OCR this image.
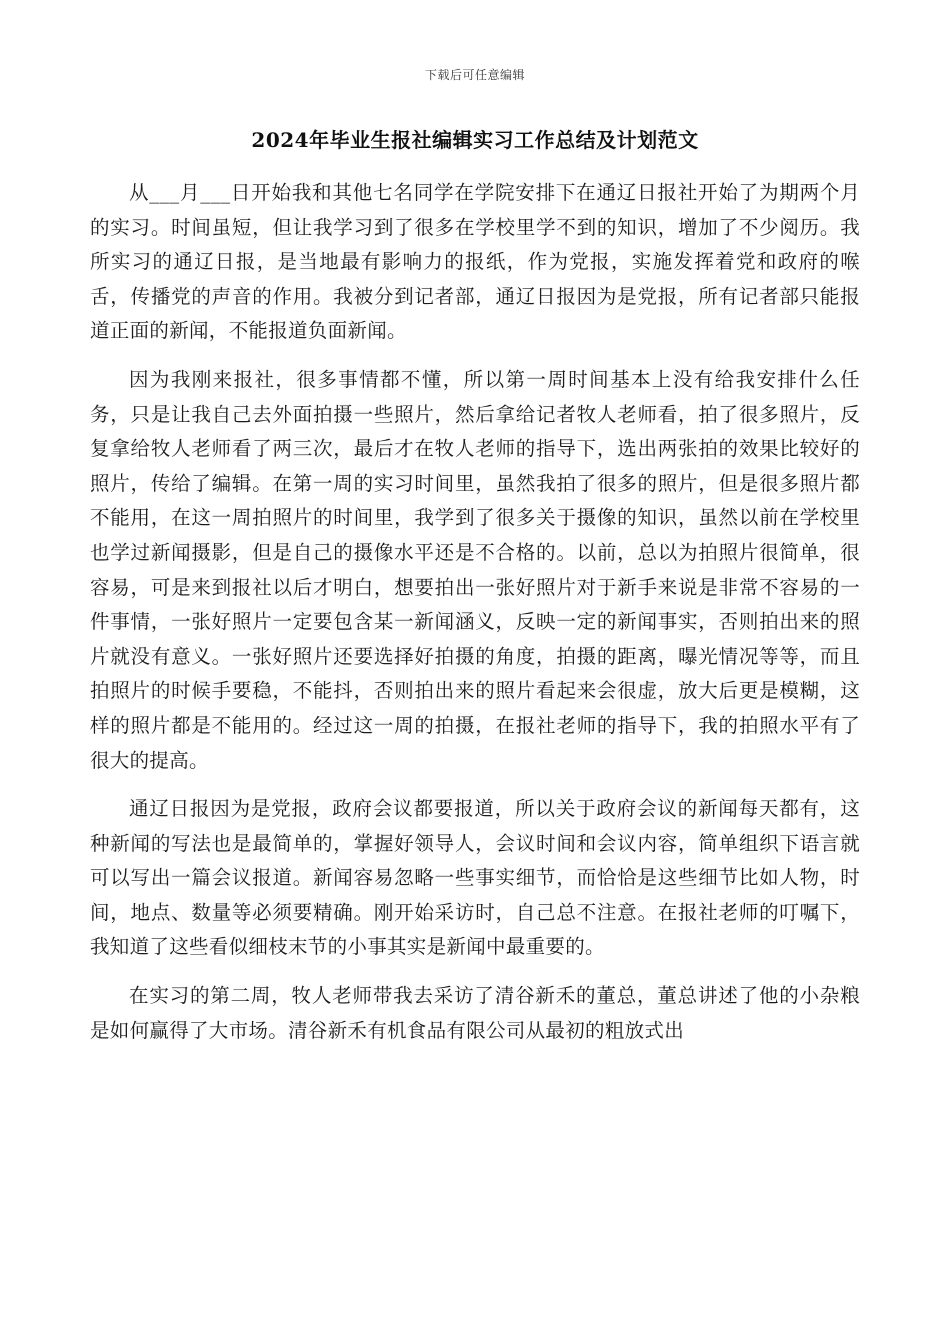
下载后可任意编辑
2024年毕业生报社编辑实习工作总结及计划范文

从___月___日开始我和其他七名同学在学院安排下在通辽日报社开始了为期两个月的实习。时间虽短，但让我学习到了很多在学校里学不到的知识，增加了不少阅历。我所实习的通辽日报，是当地最有影响力的报纸，作为党报，实施发挥着党和政府的喉舌，传播党的声音的作用。我被分到记者部，通辽日报因为是党报，所有记者部只能报道正面的新闻，不能报道负面新闻。

因为我刚来报社，很多事情都不懂，所以第一周时间基本上没有给我安排什么任务，只是让我自己去外面拍摄一些照片，然后拿给记者牧人老师看，拍了很多照片，反复拿给牧人老师看了两三次，最后才在牧人老师的指导下，选出两张拍的效果比较好的照片，传给了编辑。在第一周的实习时间里，虽然我拍了很多的照片，但是很多照片都不能用，在这一周拍照片的时间里，我学到了很多关于摄像的知识，虽然以前在学校里也学过新闻摄影，但是自己的摄像水平还是不合格的。以前，总以为拍照片很简单，很容易，可是来到报社以后才明白，想要拍出一张好照片对于新手来说是非常不容易的一件事情，一张好照片一定要包含某一新闻涵义，反映一定的新闻事实，否则拍出来的照片就没有意义。一张好照片还要选择好拍摄的角度，拍摄的距离，曝光情况等等，而且拍照片的时候手要稳，不能抖，否则拍出来的照片看起来会很虚，放大后更是模糊，这样的照片都是不能用的。经过这一周的拍摄，在报社老师的指导下，我的拍照水平有了很大的提高。

通辽日报因为是党报，政府会议都要报道，所以关于政府会议的新闻每天都有，这种新闻的写法也是最简单的，掌握好领导人，会议时间和会议内容，简单组织下语言就可以写出一篇会议报道。新闻容易忽略一些事实细节，而恰恰是这些细节比如人物，时间，地点、数量等必须要精确。刚开始采访时，自己总不注意。在报社老师的叮嘱下，我知道了这些看似细枝末节的小事其实是新闻中最重要的。

在实习的第二周，牧人老师带我去采访了清谷新禾的董总，董总讲述了他的小杂粮是如何赢得了大市场。清谷新禾有机食品有限公司从最初的粗放式出
